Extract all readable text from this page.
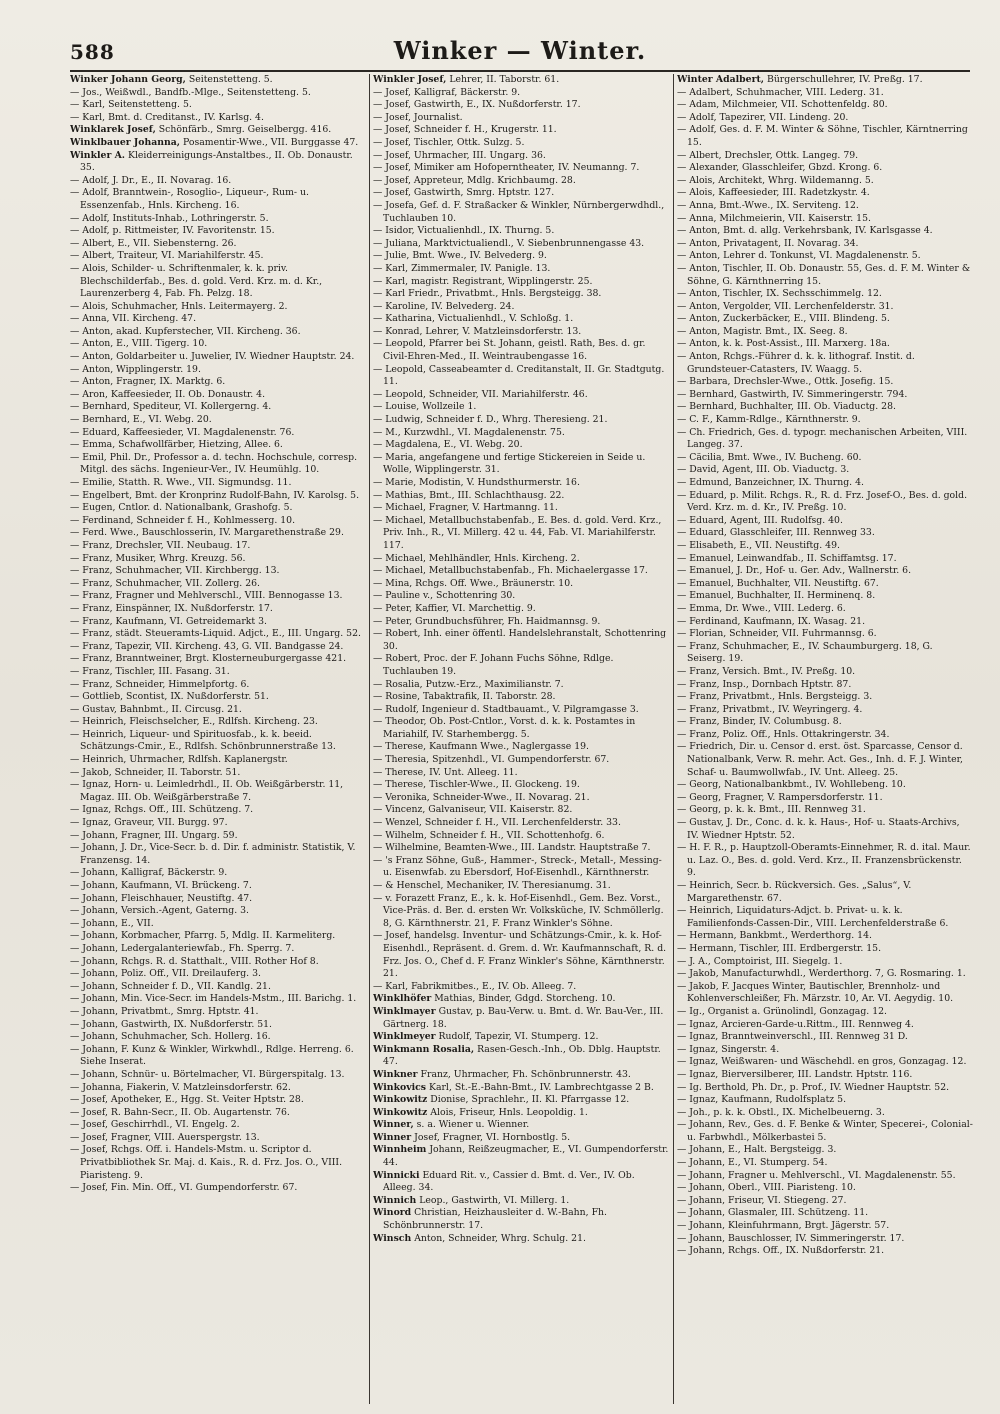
588	Winker — Winter.
Winker Johann Georg, Seitenstetteng. 5.
— Jos., Weißwdl., Bandfb.-Mlge., Seitenstetteng. 5.
— Karl, Seitenstetteng. 5.
— Karl, Bmt. d. Creditanst., IV. Karlsg. 4.
Winklarek Josef, Schönfärb., Smrg. Geiselbergg. 416.
Winklbauer Johanna, Posamentir-Wwe., VII. Burggasse 47.
Winkler A. Kleiderreinigungs-Anstaltbes., II. Ob. Donaustr. 35.
— Adolf, J. Dr., E., II. Novarag. 16.
— Adolf, Branntwein-, Rosoglio-, Liqueur-, Rum- u. Essenzenfab., Hnls. Kircheng. 16.
— Adolf, Instituts-Inhab., Lothringerstr. 5.
— Adolf, p. Rittmeister, IV. Favoritenstr. 15.
— Albert, E., VII. Siebensterng. 26.
— Albert, Traiteur, VI. Mariahilferstr. 45.
— Alois, Schilder- u. Schriftenmaler, k. k. priv. Blechschilderfab., Bes. d. gold. Verd. Krz. m. d. Kr., Laurenzerberg 4, Fab. Fh. Pelzg. 18.
— Alois, Schuhmacher, Hnls. Leitermayerg. 2.
— Anna, VII. Kircheng. 47.
— Anton, akad. Kupferstecher, VII. Kircheng. 36.
— Anton, E., VIII. Tigerg. 10.
— Anton, Goldarbeiter u. Juwelier, IV. Wiedner Hauptstr. 24.
— Anton, Wipplingerstr. 19.
— Anton, Fragner, IX. Marktg. 6.
— Aron, Kaffeesieder, II. Ob. Donaustr. 4.
— Bernhard, Spediteur, VI. Kollergerng. 4.
— Bernhard, E., VI. Webg. 20.
— Eduard, Kaffeesieder, VI. Magdalenenstr. 76.
— Emma, Schafwollfärber, Hietzing, Allee. 6.
— Emil, Phil. Dr., Professor a. d. techn. Hochschule, corresp. Mitgl. des sächs. Ingenieur-Ver., IV. Heumühlg. 10.
— Emilie, Statth. R. Wwe., VII. Sigmundsg. 11.
— Engelbert, Bmt. der Kronprinz Rudolf-Bahn, IV. Karolsg. 5.
— Eugen, Cntlor. d. Nationalbank, Grashofg. 5.
— Ferdinand, Schneider f. H., Kohlmesserg. 10.
— Ferd. Wwe., Bauschlosserin, IV. Margarethenstraße 29.
— Franz, Drechsler, VII. Neubaug. 17.
— Franz, Musiker, Whrg. Kreuzg. 56.
— Franz, Schuhmacher, VII. Kirchbergg. 13.
— Franz, Schuhmacher, VII. Zollerg. 26.
— Franz, Fragner und Mehlverschl., VIII. Bennogasse 13.
— Franz, Einspänner, IX. Nußdorferstr. 17.
— Franz, Kaufmann, VI. Getreidemarkt 3.
— Franz, städt. Steueramts-Liquid. Adjct., E., III. Ungarg. 52.
— Franz, Tapezir, VII. Kircheng. 43, G. VII. Bandgasse 24.
— Franz, Branntweiner, Brgt. Klosterneuburgergasse 421.
— Franz, Tischler, III. Fasang. 31.
— Franz, Schneider, Himmelpfortg. 6.
— Gottlieb, Scontist, IX. Nußdorferstr. 51.
— Gustav, Bahnbmt., II. Circusg. 21.
— Heinrich, Fleischselcher, E., Rdlfsh. Kircheng. 23.
— Heinrich, Liqueur- und Spirituosfab., k. k. beeid. Schätzungs-Cmir., E., Rdlfsh. Schönbrunnerstraße 13.
— Heinrich, Uhrmacher, Rdlfsh. Kaplanergstr.
— Jakob, Schneider, II. Taborstr. 51.
— Ignaz, Horn- u. Leimledrhdl., II. Ob. Weißgärberstr. 11, Magaz. III. Ob. Weißgärberstraße 7.
— Ignaz, Rchgs. Off., III. Schützeng. 7.
— Ignaz, Graveur, VII. Burgg. 97.
— Johann, Fragner, III. Ungarg. 59.
— Johann, J. Dr., Vice-Secr. b. d. Dir. f. administr. Statistik, V. Franzensg. 14.
— Johann, Kalligraf, Bäckerstr. 9.
— Johann, Kaufmann, VI. Brückeng. 7.
— Johann, Fleischhauer, Neustiftg. 47.
— Johann, Versich.-Agent, Gaterng. 3.
— Johann, E., VII.
— Johann, Korbmacher, Pfarrg. 5, Mdlg. II. Karmeliterg.
— Johann, Ledergalanteriewfab., Fh. Sperrg. 7.
— Johann, Rchgs. R. d. Statthalt., VIII. Rother Hof 8.
— Johann, Poliz. Off., VII. Dreilauferg. 3.
— Johann, Schneider f. D., VII. Kandlg. 21.
— Johann, Min. Vice-Secr. im Handels-Mstm., III. Barichg. 1.
— Johann, Privatbmt., Smrg. Hptstr. 41.
— Johann, Gastwirth, IX. Nußdorferstr. 51.
— Johann, Schuhmacher, Sch. Hollerg. 16.
— Johann, F. Kunz & Winkler, Wirkwhdl., Rdlge. Herreng. 6. Siehe Inserat.
— Johann, Schnür- u. Börtelmacher, VI. Bürgerspitalg. 13.
— Johanna, Fiakerin, V. Matzleinsdorferstr. 62.
— Josef, Apotheker, E., Hgg. St. Veiter Hptstr. 28.
— Josef, R. Bahn-Secr., II. Ob. Augartenstr. 76.
— Josef, Geschirrhdl., VI. Engelg. 2.
— Josef, Fragner, VIII. Auerspergstr. 13.
— Josef, Rchgs. Off. i. Handels-Mstm. u. Scriptor d. Privatbibliothek Sr. Maj. d. Kais., R. d. Frz. Jos. O., VIII. Piaristeng. 9.
— Josef, Fin. Min. Off., VI. Gumpendorferstr. 67.
Winkler Josef, Lehrer, II. Taborstr. 61.
— Josef, Kalligraf, Bäckerstr. 9.
— Josef, Gastwirth, E., IX. Nußdorferstr. 17.
— Josef, Journalist.
— Josef, Schneider f. H., Krugerstr. 11.
— Josef, Tischler, Ottk. Sulzg. 5.
— Josef, Uhrmacher, III. Ungarg. 36.
— Josef, Mimiker am Hofoperntheater, IV. Neumanng. 7.
— Josef, Appreteur, Mdlg. Krichbaumg. 28.
— Josef, Gastwirth, Smrg. Hptstr. 127.
— Josefa, Gef. d. F. Straßacker & Winkler, Nürnbergerwdhdl., Tuchlauben 10.
— Isidor, Victualienhdl., IX. Thurng. 5.
— Juliana, Marktvictualiendl., V. Siebenbrunnengasse 43.
— Julie, Bmt. Wwe., IV. Belvederg. 9.
— Karl, Zimmermaler, IV. Panigle. 13.
— Karl, magistr. Registrant, Wipplingerstr. 25.
— Karl Friedr., Privatbmt., Hnls. Bergsteigg. 38.
— Karoline, IV. Belvederg. 24.
— Katharina, Victualienhdl., V. Schloßg. 1.
— Konrad, Lehrer, V. Matzleinsdorferstr. 13.
— Leopold, Pfarrer bei St. Johann, geistl. Rath, Bes. d. gr. Civil-Ehren-Med., II. Weintraubengasse 16.
— Leopold, Casseabeamter d. Creditanstalt, II. Gr. Stadtgutg. 11.
— Leopold, Schneider, VII. Mariahilferstr. 46.
— Louise, Wollzeile 1.
— Ludwig, Schneider f. D., Whrg. Theresieng. 21.
— M., Kurzwdhl., VI. Magdalenenstr. 75.
— Magdalena, E., VI. Webg. 20.
— Maria, angefangene und fertige Stickereien in Seide u. Wolle, Wipplingerstr. 31.
— Marie, Modistin, V. Hundsthurmerstr. 16.
— Mathias, Bmt., III. Schlachthausg. 22.
— Michael, Fragner, V. Hartmanng. 11.
— Michael, Metallbuchstabenfab., E. Bes. d. gold. Verd. Krz., Priv. Inh., R., VI. Millerg. 42 u. 44, Fab. VI. Mariahilferstr. 117.
— Michael, Mehlhändler, Hnls. Kircheng. 2.
— Michael, Metallbuchstabenfab., Fh. Michaelergasse 17.
— Mina, Rchgs. Off. Wwe., Bräunerstr. 10.
— Pauline v., Schottenring 30.
— Peter, Kaffier, VI. Marchettig. 9.
— Peter, Grundbuchsführer, Fh. Haidmannsg. 9.
— Robert, Inh. einer öffentl. Handelslehranstalt, Schottenring 30.
— Robert, Proc. der F. Johann Fuchs Söhne, Rdlge. Tuchlauben 19.
— Rosalia, Putzw.-Erz., Maximilianstr. 7.
— Rosine, Tabaktrafik, II. Taborstr. 28.
— Rudolf, Ingenieur d. Stadtbauamt., V. Pilgramgasse 3.
— Theodor, Ob. Post-Cntlor., Vorst. d. k. k. Postamtes in Mariahilf, IV. Starhembergg. 5.
— Therese, Kaufmann Wwe., Naglergasse 19.
— Theresia, Spitzenhdl., VI. Gumpendorferstr. 67.
— Therese, IV. Unt. Alleeg. 11.
— Therese, Tischler-Wwe., II. Glockeng. 19.
— Veronika, Schneider-Wwe., II. Novarag. 21.
— Vincenz, Galvaniseur, VII. Kaiserstr. 82.
— Wenzel, Schneider f. H., VII. Lerchenfelderstr. 33.
— Wilhelm, Schneider f. H., VII. Schottenhofg. 6.
— Wilhelmine, Beamten-Wwe., III. Landstr. Hauptstraße 7.
— 's Franz Söhne, Guß-, Hammer-, Streck-, Metall-, Messing- u. Eisenwfab. zu Ebersdorf, Hof-Eisenhdl., Kärnthnerstr.
— & Henschel, Mechaniker, IV. Theresianumg. 31.
— v. Forazett Franz, E., k. k. Hof-Eisenhdl., Gem. Bez. Vorst., Vice-Präs. d. Ber. d. ersten Wr. Volksküche, IV. Schmöllerlg. 8, G. Kärnthnerstr. 21, F. Franz Winkler's Söhne.
— Josef, handelsg. Inventur- und Schätzungs-Cmir., k. k. Hof-Eisenhdl., Repräsent. d. Grem. d. Wr. Kaufmannschaft, R. d. Frz. Jos. O., Chef d. F. Franz Winkler's Söhne, Kärnthnerstr. 21.
— Karl, Fabrikmitbes., E., IV. Ob. Alleeg. 7.
Winklhöfer Mathias, Binder, Gdgd. Storcheng. 10.
Winklmayer Gustav, p. Bau-Verw. u. Bmt. d. Wr. Bau-Ver., III. Gärtnerg. 18.
Winklmeyer Rudolf, Tapezir, VI. Stumperg. 12.
Winkmann Rosalia, Rasen-Gesch.-Inh., Ob. Dblg. Hauptstr. 47.
Winkner Franz, Uhrmacher, Fh. Schönbrunnerstr. 43.
Winkovics Karl, St.-E.-Bahn-Bmt., IV. Lambrechtgasse 2 B.
Winkowitz Dionise, Sprachlehr., II. Kl. Pfarrgasse 12.
Winkowitz Alois, Friseur, Hnls. Leopoldig. 1.
Winner, s. a. Wiener u. Wienner.
Winner Josef, Fragner, VI. Hornbostlg. 5.
Winnheim Johann, Reißzeugmacher, E., VI. Gumpendorferstr. 44.
Winnicki Eduard Rit. v., Cassier d. Bmt. d. Ver., IV. Ob. Alleeg. 34.
Winnich Leop., Gastwirth, VI. Millerg. 1.
Winord Christian, Heizhausleiter d. W.-Bahn, Fh. Schönbrunnerstr. 17.
Winsch Anton, Schneider, Whrg. Schulg. 21.
Winter Adalbert, Bürgerschullehrer, IV. Preßg. 17.
— Adalbert, Schuhmacher, VIII. Lederg. 31.
— Adam, Milchmeier, VII. Schottenfeldg. 80.
— Adolf, Tapezirer, VII. Lindeng. 20.
— Adolf, Ges. d. F. M. Winter & Söhne, Tischler, Kärntnerring 15.
— Albert, Drechsler, Ottk. Langeg. 79.
— Alexander, Glasschleifer, Gbzd. Krong. 6.
— Alois, Architekt, Whrg. Wildemanng. 5.
— Alois, Kaffeesieder, III. Radetzkystr. 4.
— Anna, Bmt.-Wwe., IX. Serviteng. 12.
— Anna, Milchmeierin, VII. Kaiserstr. 15.
— Anton, Bmt. d. allg. Verkehrsbank, IV. Karlsgasse 4.
— Anton, Privatagent, II. Novarag. 34.
— Anton, Lehrer d. Tonkunst, VI. Magdalenenstr. 5.
— Anton, Tischler, II. Ob. Donaustr. 55, Ges. d. F. M. Winter & Söhne, G. Kärnthnerring 15.
— Anton, Tischler, IX. Sechsschimmelg. 12.
— Anton, Vergolder, VII. Lerchenfelderstr. 31.
— Anton, Zuckerbäcker, E., VIII. Blindeng. 5.
— Anton, Magistr. Bmt., IX. Seeg. 8.
— Anton, k. k. Post-Assist., III. Marxerg. 18a.
— Anton, Rchgs.-Führer d. k. k. lithograf. Instit. d. Grundsteuer-Catasters, IV. Waagg. 5.
— Barbara, Drechsler-Wwe., Ottk. Josefig. 15.
— Bernhard, Gastwirth, IV. Simmeringerstr. 794.
— Bernhard, Buchhalter, III. Ob. Viaductg. 28.
— C. F., Kamm-Rdlge., Kärnthnerstr. 9.
— Ch. Friedrich, Ges. d. typogr. mechanischen Arbeiten, VIII. Langeg. 37.
— Cäcilia, Bmt. Wwe., IV. Bucheng. 60.
— David, Agent, III. Ob. Viaductg. 3.
— Edmund, Banzeichner, IX. Thurng. 4.
— Eduard, p. Milit. Rchgs. R., R. d. Frz. Josef-O., Bes. d. gold. Verd. Krz. m. d. Kr., IV. Preßg. 10.
— Eduard, Agent, III. Rudolfsg. 40.
— Eduard, Glasschleifer, III. Rennweg 33.
— Elisabeth, E., VII. Neustiftg. 49.
— Emanuel, Leinwandfab., II. Schiffamtsg. 17.
— Emanuel, J. Dr., Hof- u. Ger. Adv., Wallnerstr. 6.
— Emanuel, Buchhalter, VII. Neustiftg. 67.
— Emanuel, Buchhalter, II. Herminenq. 8.
— Emma, Dr. Wwe., VIII. Lederg. 6.
— Ferdinand, Kaufmann, IX. Wasag. 21.
— Florian, Schneider, VII. Fuhrmannsg. 6.
— Franz, Schuhmacher, E., IV. Schaumburgerg. 18, G. Seiserg. 19.
— Franz, Versich. Bmt., IV. Preßg. 10.
— Franz, Insp., Dornbach Hptstr. 87.
— Franz, Privatbmt., Hnls. Bergsteigg. 3.
— Franz, Privatbmt., IV. Weyringerg. 4.
— Franz, Binder, IV. Columbusg. 8.
— Franz, Poliz. Off., Hnls. Ottakringerstr. 34.
— Friedrich, Dir. u. Censor d. erst. öst. Sparcasse, Censor d. Nationalbank, Verw. R. mehr. Act. Ges., Inh. d. F. J. Winter, Schaf- u. Baumwollwfab., IV. Unt. Alleeg. 25.
— Georg, Nationalbankbmt., IV. Wohllebeng. 10.
— Georg, Fragner, V. Rampersdorferstr. 11.
— Georg, p. k. k. Bmt., III. Rennweg 31.
— Gustav, J. Dr., Conc. d. k. k. Haus-, Hof- u. Staats-Archivs, IV. Wiedner Hptstr. 52.
— H. F. R., p. Hauptzoll-Oberamts-Einnehmer, R. d. ital. Maur. u. Laz. O., Bes. d. gold. Verd. Krz., II. Franzensbrückenstr. 9.
— Heinrich, Secr. b. Rückversich. Ges. „Salus“, V. Margarethenstr. 67.
— Heinrich, Liquidaturs-Adjct. b. Privat- u. k. k. Familienfonds-Cassen-Dir., VIII. Lerchenfelderstraße 6.
— Hermann, Bankbmt., Werderthorg. 14.
— Hermann, Tischler, III. Erdbergerstr. 15.
— J. A., Comptoirist, III. Siegelg. 1.
— Jakob, Manufacturwhdl., Werderthorg. 7, G. Rosmaring. 1.
— Jakob, F. Jacques Winter, Bautischler, Brennholz- und Kohlenverschleißer, Fh. Märzstr. 10, Ar. VI. Aegydig. 10.
— Ig., Organist a. Grünolindl, Gonzagag. 12.
— Ignaz, Arcieren-Garde-u.Rittm., III. Rennweg 4.
— Ignaz, Branntweinverschl., III. Rennweg 31 D.
— Ignaz, Singerstr. 4.
— Ignaz, Weißwaren- und Wäschehdl. en gros, Gonzagag. 12.
— Ignaz, Bierversilberer, III. Landstr. Hptstr. 116.
— Ig. Berthold, Ph. Dr., p. Prof., IV. Wiedner Hauptstr. 52.
— Ignaz, Kaufmann, Rudolfsplatz 5.
— Joh., p. k. k. Obstl., IX. Michelbeuerng. 3.
— Johann, Rev., Ges. d. F. Benke & Winter, Specerei-, Colonial- u. Farbwhdl., Mölkerbastei 5.
— Johann, E., Halt. Bergsteigg. 3.
— Johann, E., VI. Stumperg. 54.
— Johann, Fragner u. Mehlverschl., VI. Magdalenenstr. 55.
— Johann, Oberl., VIII. Piaristeng. 10.
— Johann, Friseur, VI. Stiegeng. 27.
— Johann, Glasmaler, III. Schützeng. 11.
— Johann, Kleinfuhrmann, Brgt. Jägerstr. 57.
— Johann, Bauschlosser, IV. Simmeringerstr. 17.
— Johann, Rchgs. Off., IX. Nußdorferstr. 21.
